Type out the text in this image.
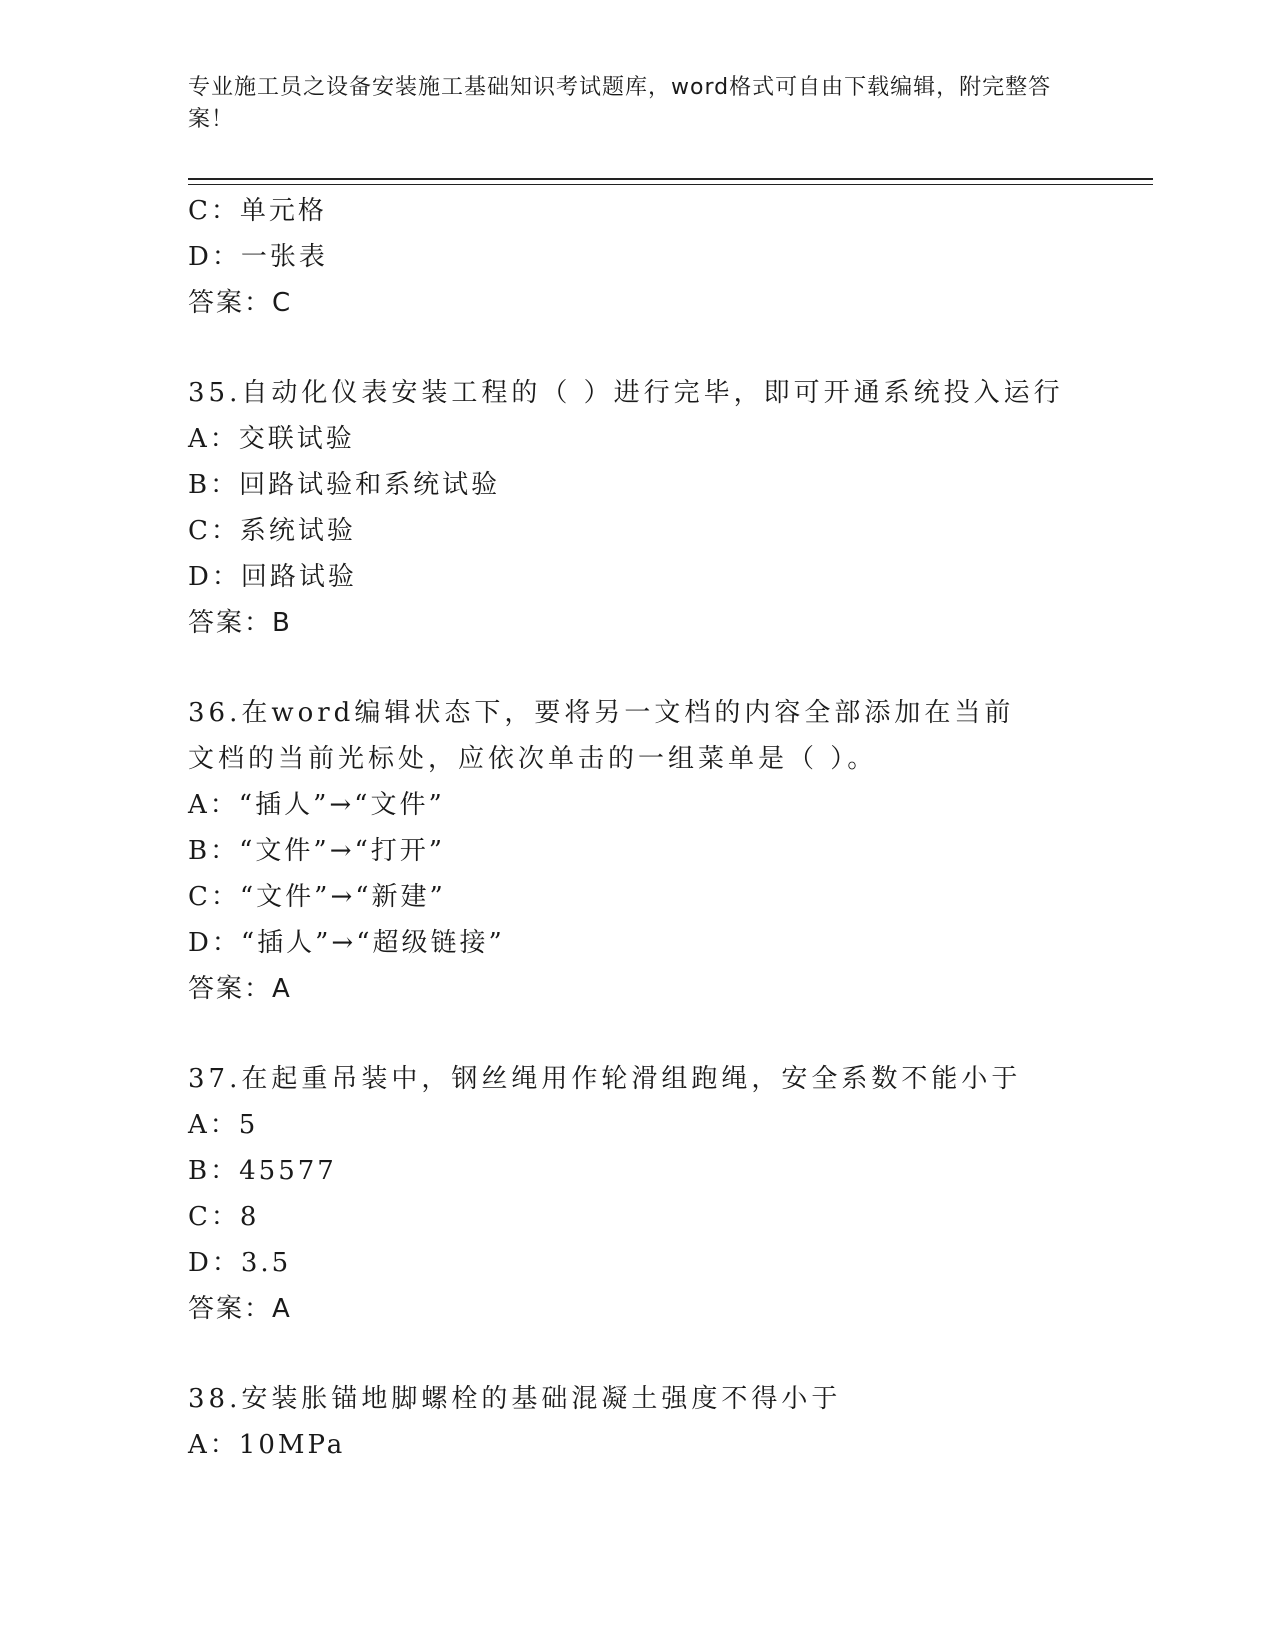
专业施工员之设备安装施工基础知识考试题库，word格式可自由下载编辑，附完整答案！
C：单元格
D：一张表
答案：C
35.自动化仪表安装工程的（ ）进行完毕，即可开通系统投入运行
A：交联试验
B：回路试验和系统试验
C：系统试验
D：回路试验
答案：B
36.在word编辑状态下，要将另一文档的内容全部添加在当前文档的当前光标处，应依次单击的一组菜单是（ ）。
A：“插人”→“文件”
B：“文件”→“打开”
C：“文件”→“新建”
D：“插人”→“超级链接”
答案：A
37.在起重吊装中，钢丝绳用作轮滑组跑绳，安全系数不能小于
A：5
B：45577
C：8
D：3.5
答案：A
38.安装胀锚地脚螺栓的基础混凝土强度不得小于
A：10MPa
